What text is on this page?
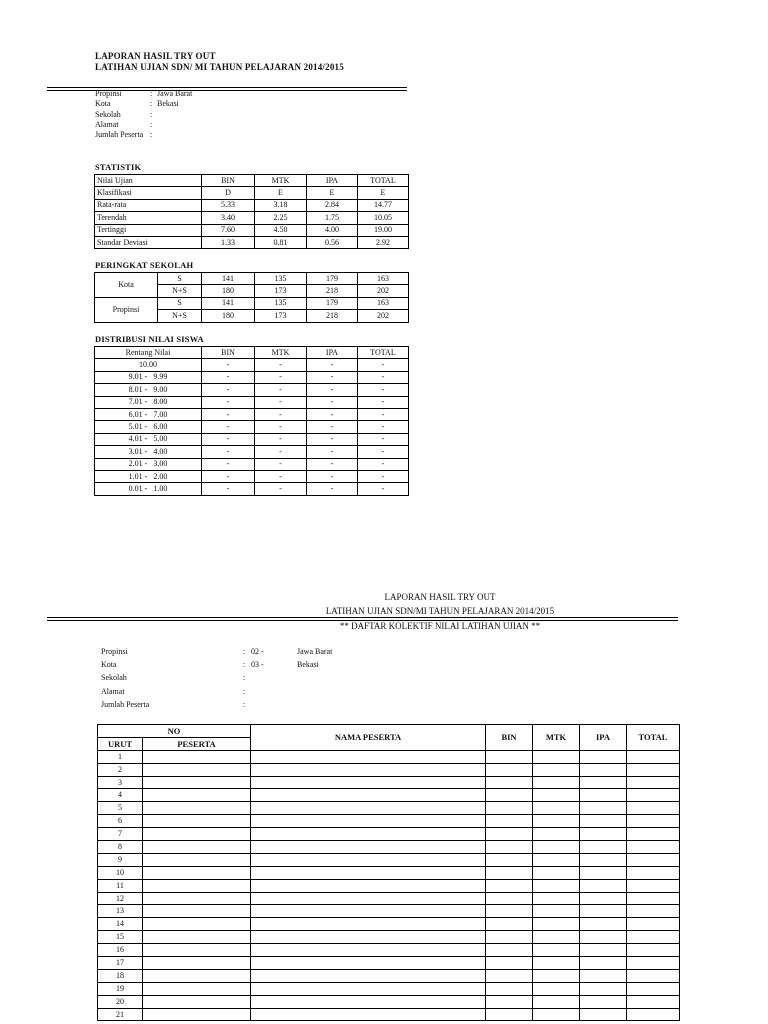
LAPORAN HASIL TRY OUT
LATIHAN UJIAN SDN/ MI TAHUN PELAJARAN 2014/2015
Propinsi	: Jawa Barat
Kota	: Bekasi
Sekolah	:
Alamat	:
Jumlah Peserta :
STATISTIK
Nilai Ujian	BIN	MTK	IPA	TOTAL
Klasifikasi	D	E	E	E
Rata-rata	5.33	3.18	2.84	14.77
Terendah	3.40	2.25	1.75	10.05
Tertinggi	7.60	4.50	4.00	19.00
Standar Deviasi	1.33	0.81	0.56	2.92
PERINGKAT SEKOLAH
Kota	S	141	135	179	163
	N+S	180	173	218	202
Propinsi	S	141	135	179	163
	N+S	180	173	218	202
DISTRIBUSI NILAI SISWA
Rentang Nilai	BIN	MTK	IPA	TOTAL
10.00	-	-	-	-
9.01 -   9.99	-	-	-	-
8.01 -   9.00	-	-	-	-
7.01 -   8.00	-	-	-	-
6.01 -   7.00	-	-	-	-
5.01 -   6.00	-	-	-	-
4.01 -   5.00	-	-	-	-
3.01 -   4.00	-	-	-	-
2.01 -   3.00	-	-	-	-
1.01 -   2.00	-	-	-	-
0.01 -   1.00	-	-	-	-
LAPORAN HASIL TRY OUT
LATIHAN UJIAN SDN/MI TAHUN PELAJARAN 2014/2015
** DAFTAR KOLEKTIF NILAI LATIHAN UJIAN **
Propinsi	: 02 -	Jawa Barat
Kota	: 03 -	Bekasi
Sekolah	:
Alamat	:
Jumlah Peserta	:
NO		NAMA PESERTA	BIN	MTK	IPA	TOTAL
URUT	PESERTA					
1						
2						
3						
4						
5						
6						
7						
8						
9						
10						
11						
12						
13						
14						
15						
16						
17						
18						
19						
20						
21						
